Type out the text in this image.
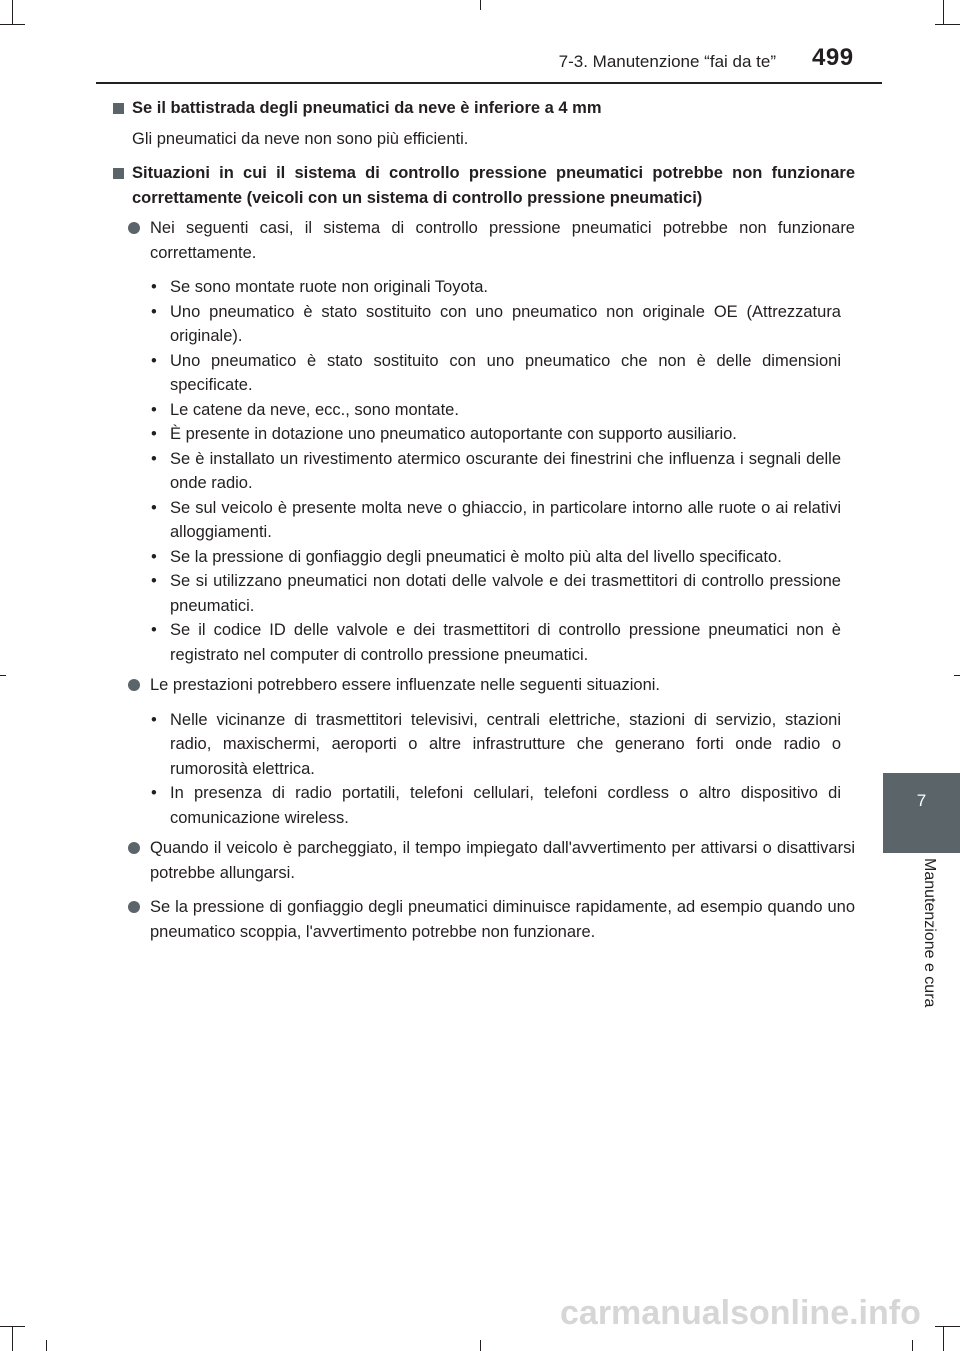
7-3. Manutenzione “fai da te” 499
7
Manutenzione e cura

Se il battistrada degli pneumatici da neve è inferiore a 4 mm

Gli pneumatici da neve non sono più efficienti.

Situazioni in cui il sistema di controllo pressione pneumatici potrebbe non funzionare correttamente (veicoli con un sistema di controllo pressione pneumatici)

Nei seguenti casi, il sistema di controllo pressione pneumatici potrebbe non funzionare correttamente.

• Se sono montate ruote non originali Toyota.
• Uno pneumatico è stato sostituito con uno pneumatico non originale OE (Attrezzatura originale).
• Uno pneumatico è stato sostituito con uno pneumatico che non è delle dimensioni specificate.
• Le catene da neve, ecc., sono montate.
• È presente in dotazione uno pneumatico autoportante con supporto ausiliario.
• Se è installato un rivestimento atermico oscurante dei finestrini che influenza i segnali delle onde radio.
• Se sul veicolo è presente molta neve o ghiaccio, in particolare intorno alle ruote o ai relativi alloggiamenti.
• Se la pressione di gonfiaggio degli pneumatici è molto più alta del livello specificato.
• Se si utilizzano pneumatici non dotati delle valvole e dei trasmettitori di controllo pressione pneumatici.
• Se il codice ID delle valvole e dei trasmettitori di controllo pressione pneumatici non è registrato nel computer di controllo pressione pneumatici.

Le prestazioni potrebbero essere influenzate nelle seguenti situazioni.

• Nelle vicinanze di trasmettitori televisivi, centrali elettriche, stazioni di servizio, stazioni radio, maxischermi, aeroporti o altre infrastrutture che generano forti onde radio o rumorosità elettrica.
• In presenza di radio portatili, telefoni cellulari, telefoni cordless o altro dispositivo di comunicazione wireless.

Quando il veicolo è parcheggiato, il tempo impiegato dall'avvertimento per attivarsi o disattivarsi potrebbe allungarsi.

Se la pressione di gonfiaggio degli pneumatici diminuisce rapidamente, ad esempio quando uno pneumatico scoppia, l'avvertimento potrebbe non funzionare.

carmanualsonline.info
